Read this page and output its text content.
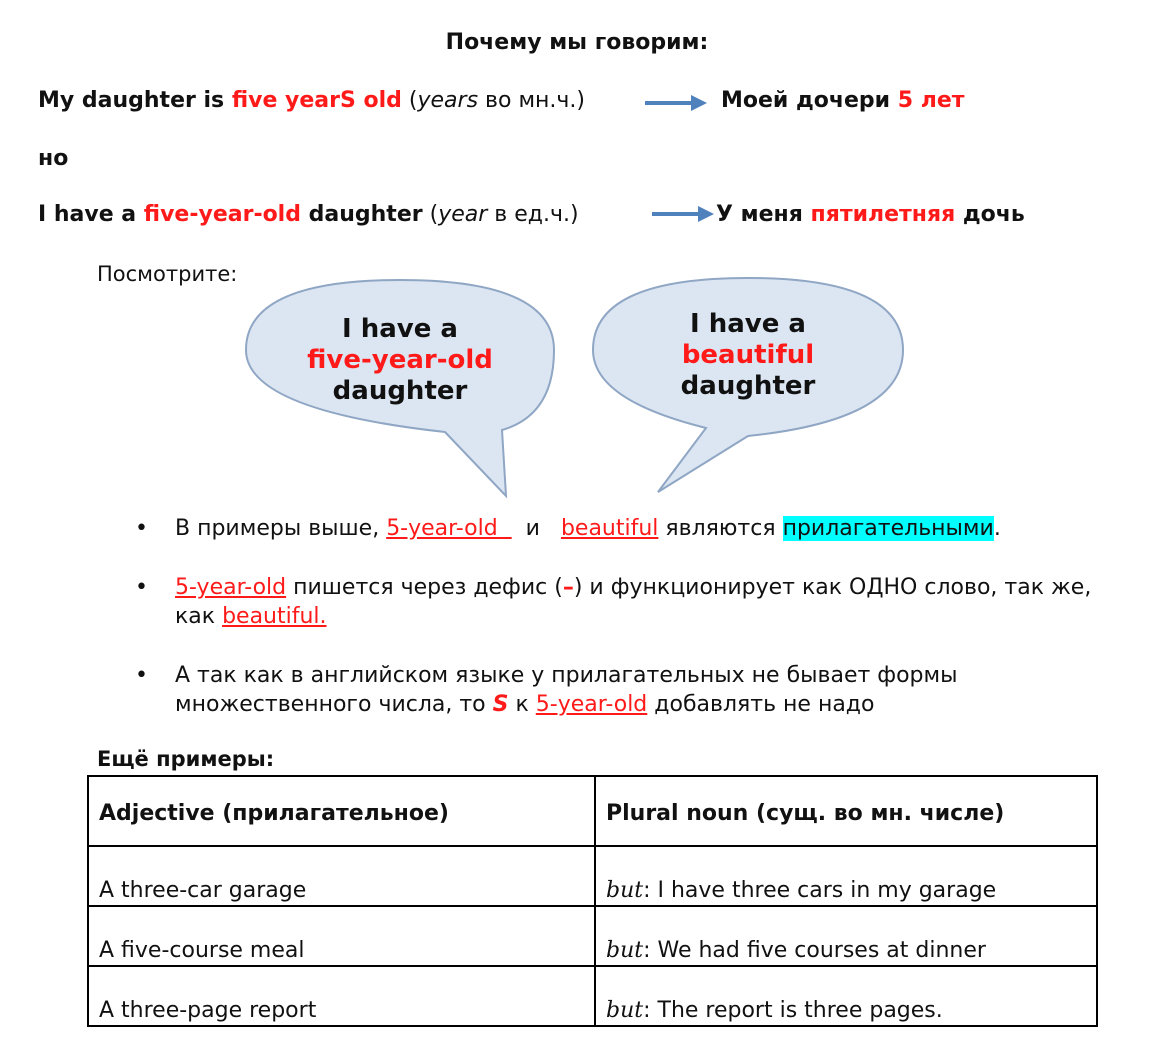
Почему мы говорим:
My daughter is five yearS old (years во мн.ч.)	Моей дочери 5 лет
но
I have a five-year-old daughter (year в ед.ч.)	У меня пятилетняя дочь
Посмотрите:
I have a
five-year-old
daughter
I have a
beautiful
daughter
• В примеры выше, 5-year-old    и   beautiful являются прилагательными.
• 5-year-old пишется через дефис (–) и функционирует как ОДНО слово, так же, как beautiful.
• А так как в английском языке у прилагательных не бывает формы множественного числа, то S к 5-year-old добавлять не надо
Ещё примеры:
Adjective (прилагательное)	Plural noun (сущ. во мн. числе)
A three-car garage	but: I have three cars in my garage
A five-course meal	but: We had five courses at dinner
A three-page report	but: The report is three pages.
